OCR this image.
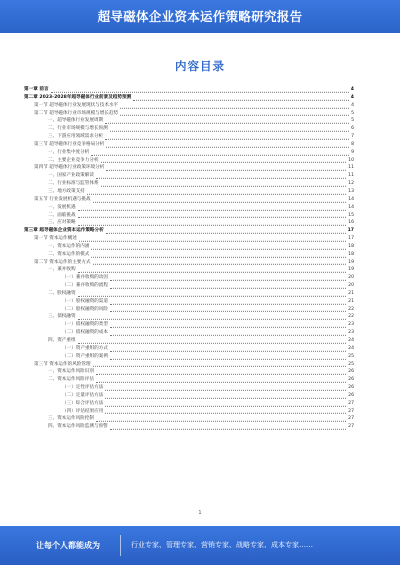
超导磁体企业资本运作策略研究报告
内容目录
第一章 前言	4
第二章 2023-2028年超导磁体行业前景及趋势预测	4
第一节 超导磁体行业发展现状与技术水平	4
第二节 超导磁体行业市场规模与增长趋势	5
一、超导磁体行业发展周期	5
二、行业市场规模与增长预测	6
三、下游应用领域需求分析	7
第三节 超导磁体行业竞争格局分析	8
一、行业集中度分析	9
二、主要企业竞争力分析	10
第四节 超导磁体行业政策环境分析	11
一、国家产业政策解读	11
二、行业标准与监管体系	12
三、地方政策支持	13
第五节 行业发展机遇与挑战	14
一、发展机遇	14
二、面临挑战	15
三、应对策略	16
第三章 超导磁体企业资本运作策略分析	17
第一节 资本运作概述	17
一、资本运作的内涵	18
二、资本运作的模式	18
第二节 资本运作的主要方式	19
一、兼并收购	19
（一）兼并收购的动因	20
（二）兼并收购的流程	20
二、股权融资	21
（一）股权融资的渠道	21
（二）股权融资的风险	22
三、债权融资	22
（一）债权融资的类型	23
（二）债权融资的成本	23
四、资产重组	24
（一）资产重组的方式	24
（二）资产重组的案例	25
第三节 资本运作的风险管理	25
一、资本运作风险识别	26
二、资本运作风险评估	26
（一）定性评估方法	26
（二）定量评估方法	26
（三）综合评估方法	27
（四）评估结果应用	27
三、资本运作风险控制	27
四、资本运作风险监测与预警	27
1
让每个人都能成为	行业专家、管理专家、营销专家、战略专家、成本专家……
